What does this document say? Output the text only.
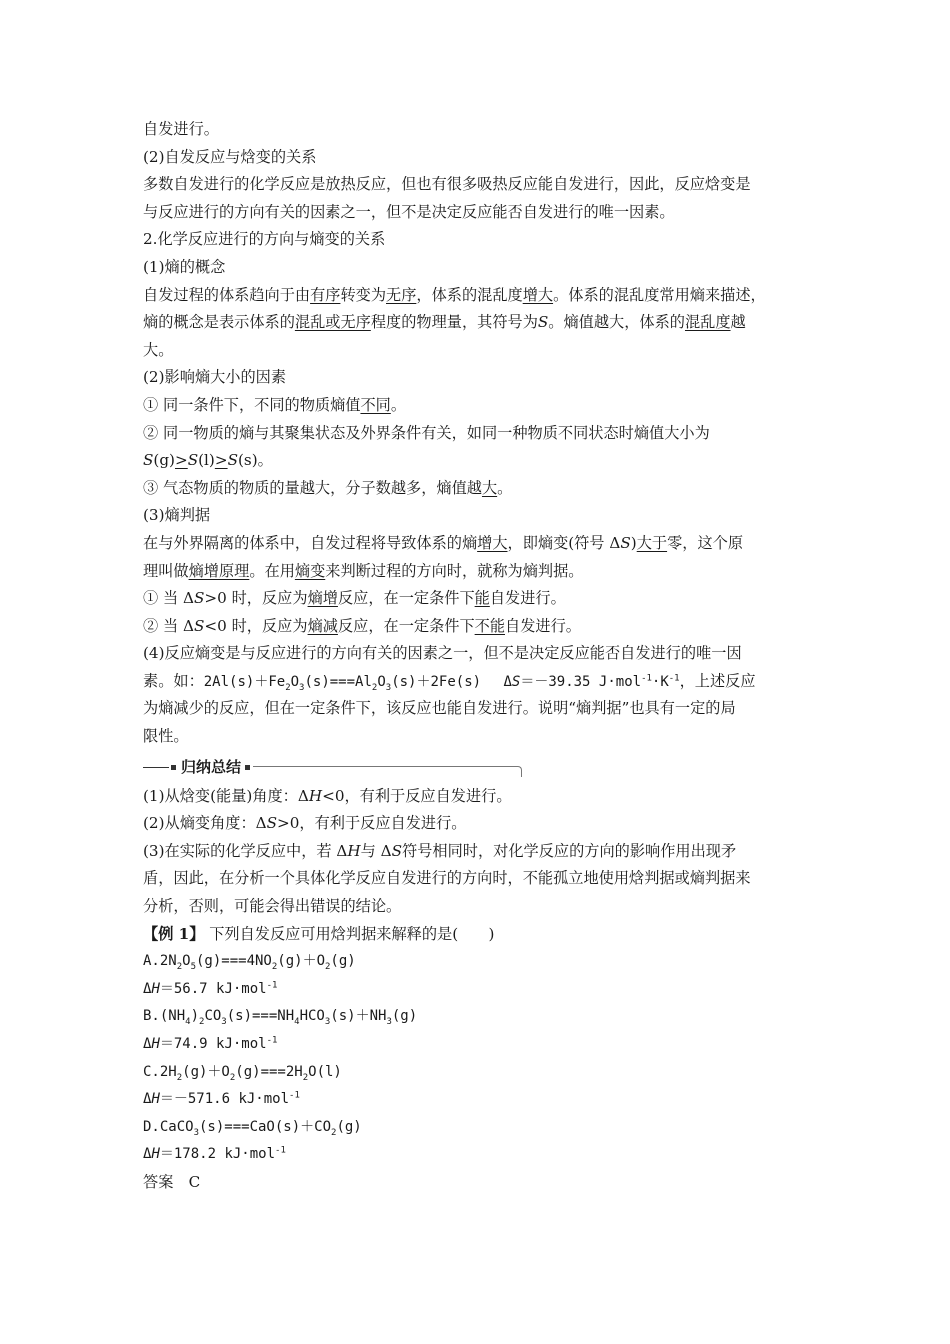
自发进行。
(2)自发反应与焓变的关系
多数自发进行的化学反应是放热反应，但也有很多吸热反应能自发进行，因此，反应焓变是
与反应进行的方向有关的因素之一，但不是决定反应能否自发进行的唯一因素。
2.化学反应进行的方向与熵变的关系
(1)熵的概念
自发过程的体系趋向于由有序转变为无序，体系的混乱度增大。体系的混乱度常用熵来描述，
熵的概念是表示体系的混乱或无序程度的物理量，其符号为S。熵值越大，体系的混乱度越
大。
(2)影响熵大小的因素
① 同一条件下，不同的物质熵值不同。
② 同一物质的熵与其聚集状态及外界条件有关，如同一种物质不同状态时熵值大小为
S(g)>S(l)>S(s)。
③ 气态物质的物质的量越大，分子数越多，熵值越大。
(3)熵判据
在与外界隔离的体系中，自发过程将导致体系的熵增大，即熵变(符号 ΔS)大于零，这个原
理叫做熵增原理。在用熵变来判断过程的方向时，就称为熵判据。
① 当 ΔS>0 时，反应为熵增反应，在一定条件下能自发进行。
② 当 ΔS<0 时，反应为熵减反应，在一定条件下不能自发进行。
(4)反应熵变是与反应进行的方向有关的因素之一，但不是决定反应能否自发进行的唯一因
素。如：$2Al(s)+Fe_2O_3(s)===Al_2O_3(s)+2Fe(s)$　 ΔS＝－39.35 $J\cdot mol^{-1}\cdot K^{-1}$，上述反应
为熵减少的反应，但在一定条件下，该反应也能自发进行。说明“熵判据”也具有一定的局
限性。
归纳总结
(1)从焓变(能量)角度：ΔH<0，有利于反应自发进行。
(2)从熵变角度：ΔS>0，有利于反应自发进行。
(3)在实际的化学反应中，若 ΔH与 ΔS符号相同时，对化学反应的方向的影响作用出现矛
盾，因此，在分析一个具体化学反应自发进行的方向时，不能孤立地使用焓判据或熵判据来
分析，否则，可能会得出错误的结论。
【例 1】 下列自发反应可用焓判据来解释的是(　　)
$A.2N_2O_5(g)===4NO_2(g)+O_2(g)$
ΔH＝56.7 kJ·mol$^{-1}$
$B.(NH_4)_2CO_3(s)===NH_4HCO_3(s)+NH_3(g)$
ΔH＝74.9 kJ·mol$^{-1}$
$C.2H_2(g)+O_2(g)===2H_2O(l)$
ΔH＝－571.6 kJ·mol$^{-1}$
$D.CaCO_3(s)===CaO(s)+CO_2(g)$
ΔH＝178.2 kJ·mol$^{-1}$
答案　C
